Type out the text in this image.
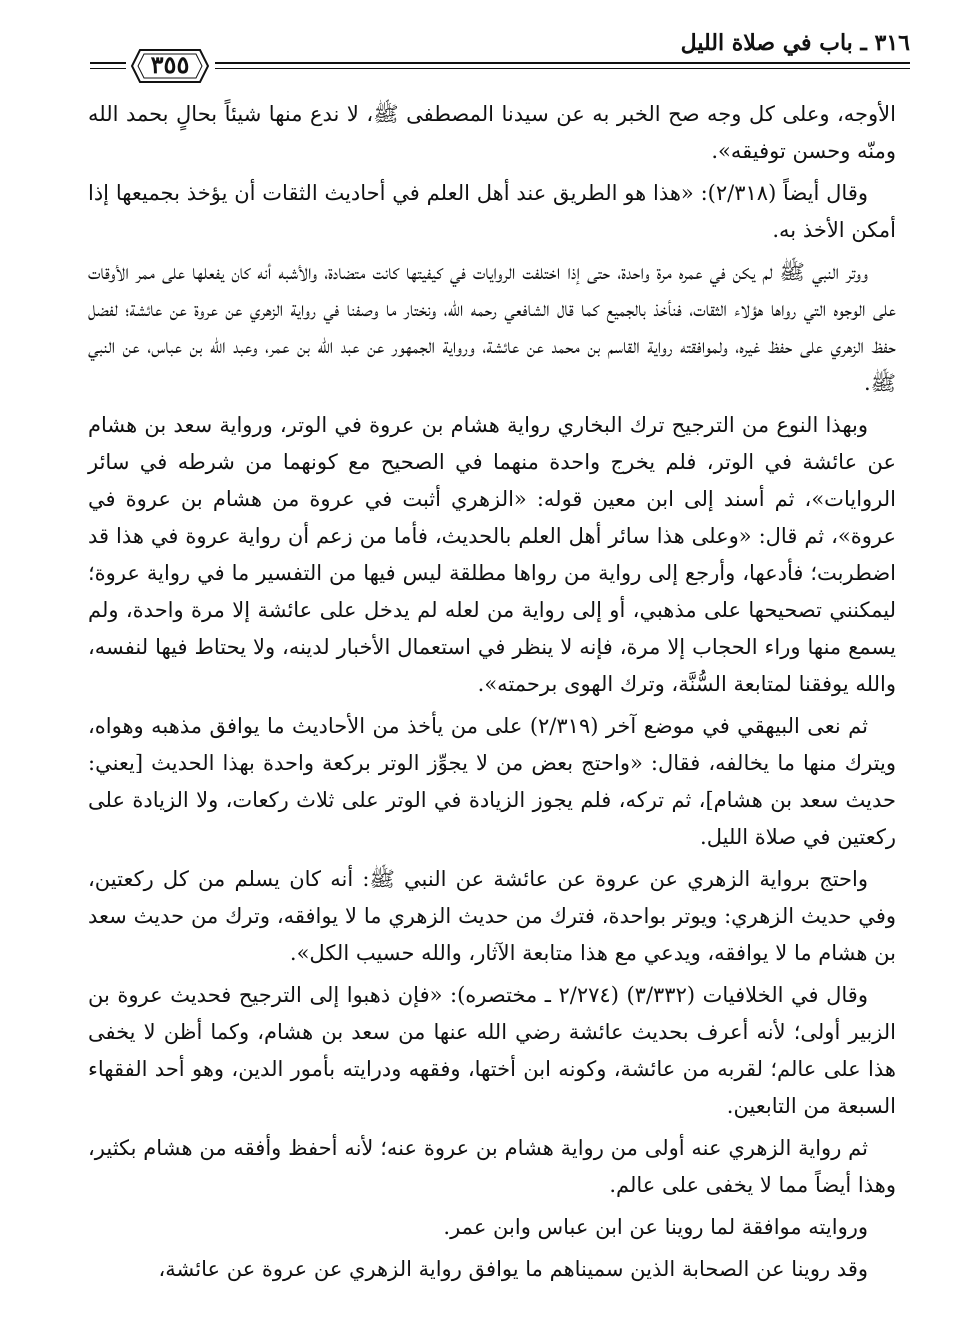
٣١٦ ـ باب في صلاة الليل
٣٥٥

الأوجه، وعلى كل وجه صح الخبر به عن سيدنا المصطفى ﷺ، لا ندع منها شيئاً بحالٍ بحمد الله ومنّه وحسن توفيقه».

وقال أيضاً (٢/٣١٨): «هذا هو الطريق عند أهل العلم في أحاديث الثقات أن يؤخذ بجميعها إذا أمكن الأخذ به.

ووتر النبي ﷺ لم يكن في عمره مرة واحدة، حتى إذا اختلفت الروايات في كيفيتها كانت متضادة، والأشبه أنه كان يفعلها على ممر الأوقات على الوجوه التي رواها هؤلاء الثقات، فنأخذ بالجميع كما قال الشافعي رحمه الله، ونختار ما وصفنا في رواية الزهري عن عروة عن عائشة؛ لفضل حفظ الزهري على حفظ غيره، ولموافقته رواية القاسم بن محمد عن عائشة، ورواية الجمهور عن عبد الله بن عمر، وعبد الله بن عباس، عن النبي ﷺ.

وبهذا النوع من الترجيح ترك البخاري رواية هشام بن عروة في الوتر، ورواية سعد بن هشام عن عائشة في الوتر، فلم يخرج واحدة منهما في الصحيح مع كونهما من شرطه في سائر الروايات»، ثم أسند إلى ابن معين قوله: «الزهري أثبت في عروة من هشام بن عروة في عروة»، ثم قال: «وعلى هذا سائر أهل العلم بالحديث، فأما من زعم أن رواية عروة في هذا قد اضطربت؛ فأدعها، وأرجع إلى رواية من رواها مطلقة ليس فيها من التفسير ما في رواية عروة؛ ليمكنني تصحيحها على مذهبي، أو إلى رواية من لعله لم يدخل على عائشة إلا مرة واحدة، ولم يسمع منها وراء الحجاب إلا مرة، فإنه لا ينظر في استعمال الأخبار لدينه، ولا يحتاط فيها لنفسه، والله يوفقنا لمتابعة السُّنَّة، وترك الهوى برحمته».

ثم نعى البيهقي في موضع آخر (٢/٣١٩) على من يأخذ من الأحاديث ما يوافق مذهبه وهواه، ويترك منها ما يخالفه، فقال: «واحتج بعض من لا يجوِّز الوتر بركعة واحدة بهذا الحديث [يعني: حديث سعد بن هشام]، ثم تركه، فلم يجوز الزيادة في الوتر على ثلاث ركعات، ولا الزيادة على ركعتين في صلاة الليل.

واحتج برواية الزهري عن عروة عن عائشة عن النبي ﷺ: أنه كان يسلم من كل ركعتين، وفي حديث الزهري: ويوتر بواحدة، فترك من حديث الزهري ما لا يوافقه، وترك من حديث سعد بن هشام ما لا يوافقه، ويدعي مع هذا متابعة الآثار، والله حسيب الكل».

وقال في الخلافيات (٣/٣٣٢) (٢/٢٧٤ ـ مختصره): «فإن ذهبوا إلى الترجيح فحديث عروة بن الزبير أولى؛ لأنه أعرف بحديث عائشة رضي الله عنها من سعد بن هشام، وكما أظن لا يخفى هذا على عالم؛ لقربه من عائشة، وكونه ابن أختها، وفقهه ودرايته بأمور الدين، وهو أحد الفقهاء السبعة من التابعين.

ثم رواية الزهري عنه أولى من رواية هشام بن عروة عنه؛ لأنه أحفظ وأفقه من هشام بكثير، وهذا أيضاً مما لا يخفى على عالم.

وروايته موافقة لما روينا عن ابن عباس وابن عمر.

وقد روينا عن الصحابة الذين سميناهم ما يوافق رواية الزهري عن عروة عن عائشة،
